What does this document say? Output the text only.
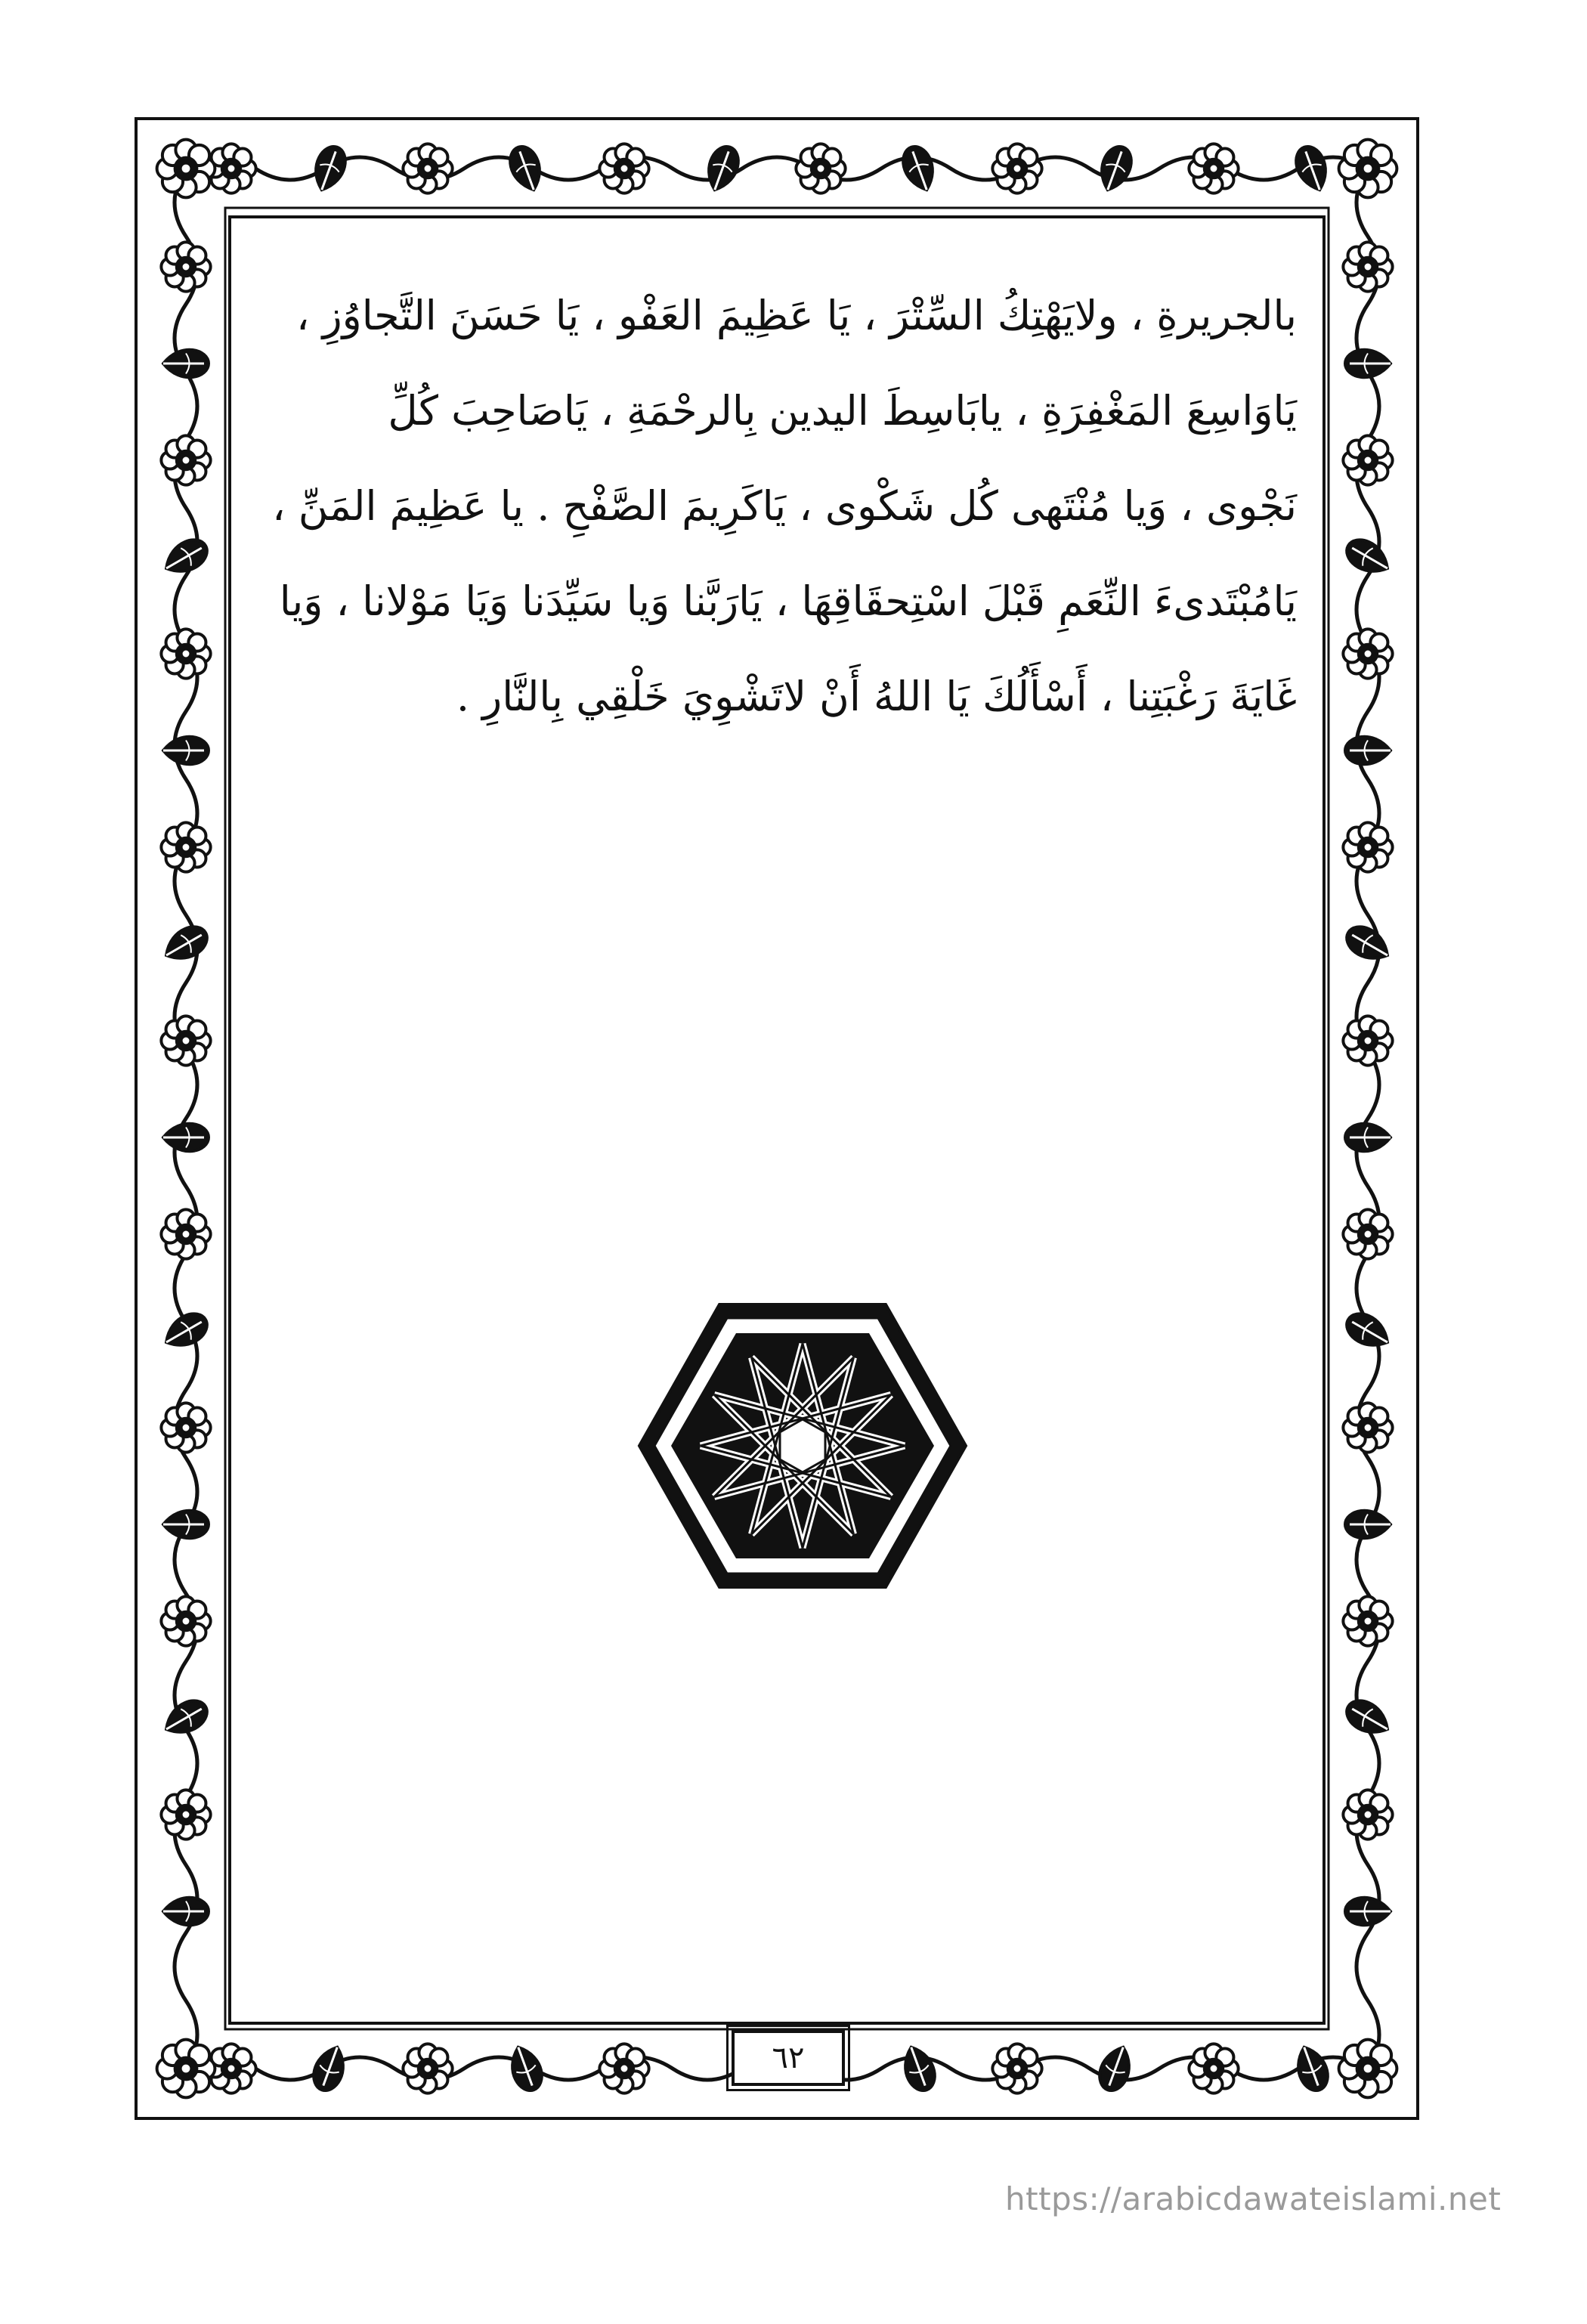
بالجريرةِ ، ولايَهْتِكُ السِّتْرَ ، يَا عَظِيمَ العَفْو ، يَا حَسَنَ التَّجاوُزِ ،
يَاوَاسِعَ المَغْفِرَةِ ، يابَاسِطَ اليدين بِالرحْمَةِ ، يَاصَاحِبَ كُلِّ
نَجْوى ، وَيا مُنْتَهى كُل شَكْوى ، يَاكَرِيمَ الصَّفْحِ . يا عَظِيمَ المَنِّ ،
يَامُبْتَدىءَ النِّعَمِ قَبْلَ اسْتِحقَاقِهَا ، يَارَبَّنا وَيا سَيِّدَنا وَيَا مَوْلانا ، وَيا
غَايَةَ رَغْبَتِنا ، أَسْأَلُكَ يَا اللهُ أَنْ لاتَشْوِيَ خَلْقِي بِالنَّارِ .
٦٢
https://arabicdawateislami.net
